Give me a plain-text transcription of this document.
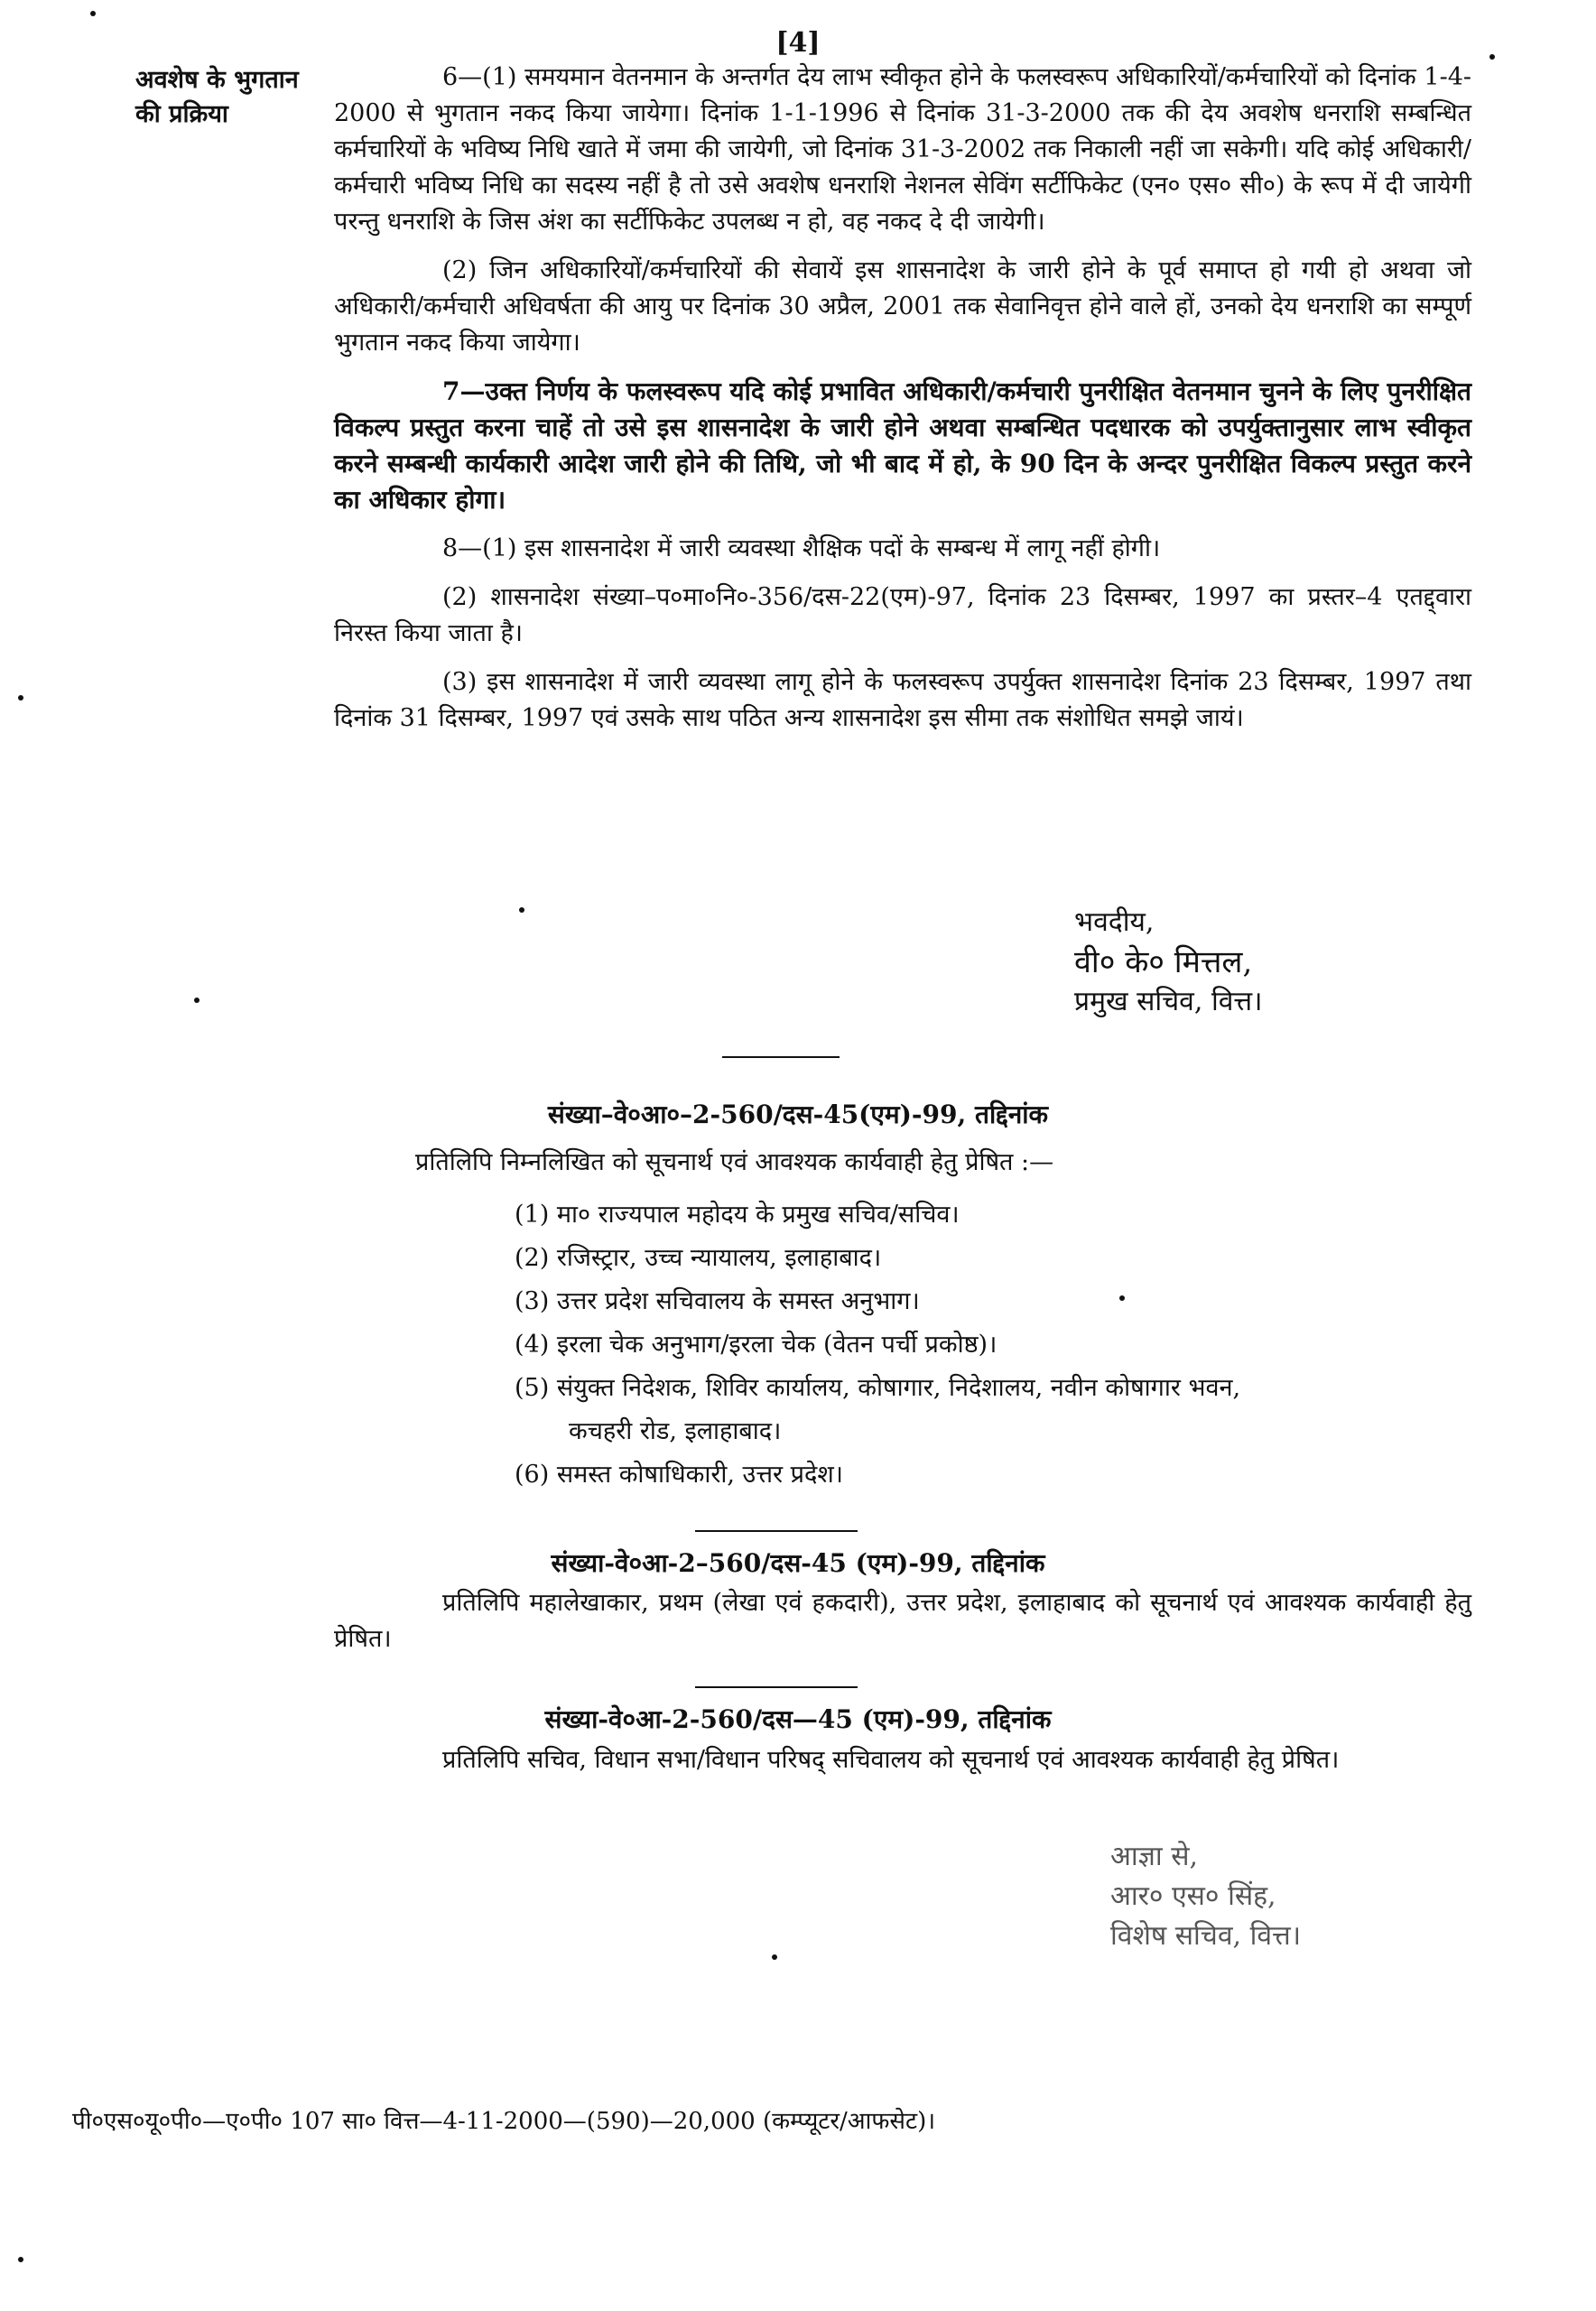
[4]
अवशेष के भुगतान की प्रक्रिया

6—(1) समयमान वेतनमान के अन्तर्गत देय लाभ स्वीकृत होने के फलस्वरूप अधिकारियों/कर्मचारियों को दिनांक 1-4-2000 से भुगतान नकद किया जायेगा। दिनांक 1-1-1996 से दिनांक 31-3-2000 तक की देय अवशेष धनराशि सम्बन्धित कर्मचारियों के भविष्य निधि खाते में जमा की जायेगी, जो दिनांक 31-3-2002 तक निकाली नहीं जा सकेगी। यदि कोई अधिकारी/कर्मचारी भविष्य निधि का सदस्य नहीं है तो उसे अवशेष धनराशि नेशनल सेविंग सर्टीफिकेट (एन० एस० सी०) के रूप में दी जायेगी परन्तु धनराशि के जिस अंश का सर्टीफिकेट उपलब्ध न हो, वह नकद दे दी जायेगी।

(2) जिन अधिकारियों/कर्मचारियों की सेवायें इस शासनादेश के जारी होने के पूर्व समाप्त हो गयी हो अथवा जो अधिकारी/कर्मचारी अधिवर्षता की आयु पर दिनांक 30 अप्रैल, 2001 तक सेवानिवृत्त होने वाले हों, उनको देय धनराशि का सम्पूर्ण भुगतान नकद किया जायेगा।

7—उक्त निर्णय के फलस्वरूप यदि कोई प्रभावित अधिकारी/कर्मचारी पुनरीक्षित वेतनमान चुनने के लिए पुनरीक्षित विकल्प प्रस्तुत करना चाहें तो उसे इस शासनादेश के जारी होने अथवा सम्बन्धित पदधारक को उपर्युक्तानुसार लाभ स्वीकृत करने सम्बन्धी कार्यकारी आदेश जारी होने की तिथि, जो भी बाद में हो, के 90 दिन के अन्दर पुनरीक्षित विकल्प प्रस्तुत करने का अधिकार होगा।

8—(1) इस शासनादेश में जारी व्यवस्था शैक्षिक पदों के सम्बन्ध में लागू नहीं होगी।

(2) शासनादेश संख्या–प०मा०नि०-356/दस-22(एम)-97, दिनांक 23 दिसम्बर, 1997 का प्रस्तर–4 एतद्द्वारा निरस्त किया जाता है।

(3) इस शासनादेश में जारी व्यवस्था लागू होने के फलस्वरूप उपर्युक्त शासनादेश दिनांक 23 दिसम्बर, 1997 तथा दिनांक 31 दिसम्बर, 1997 एवं उसके साथ पठित अन्य शासनादेश इस सीमा तक संशोधित समझे जायं।

भवदीय,
वी० के० मित्तल,
प्रमुख सचिव, वित्त।
संख्या–वे०आ०–2-560/दस-45(एम)-99, तद्दिनांक
प्रतिलिपि निम्नलिखित को सूचनार्थ एवं आवश्यक कार्यवाही हेतु प्रेषित :—
(1) मा० राज्यपाल महोदय के प्रमुख सचिव/सचिव।
(2) रजिस्ट्रार, उच्च न्यायालय, इलाहाबाद।
(3) उत्तर प्रदेश सचिवालय के समस्त अनुभाग।
(4) इरला चेक अनुभाग/इरला चेक (वेतन पर्ची प्रकोष्ठ)।
(5) संयुक्त निदेशक, शिविर कार्यालय, कोषागार, निदेशालय, नवीन कोषागार भवन,
कचहरी रोड, इलाहाबाद।
(6) समस्त कोषाधिकारी, उत्तर प्रदेश।
संख्या-वे०आ-2–560/दस-45 (एम)-99, तद्दिनांक
प्रतिलिपि महालेखाकार, प्रथम (लेखा एवं हकदारी), उत्तर प्रदेश, इलाहाबाद को सूचनार्थ एवं आवश्यक कार्यवाही हेतु प्रेषित।
संख्या-वे०आ-2-560/दस—45 (एम)-99, तद्दिनांक
प्रतिलिपि सचिव, विधान सभा/विधान परिषद् सचिवालय को सूचनार्थ एवं आवश्यक कार्यवाही हेतु प्रेषित।
आज्ञा से,
आर० एस० सिंह,
विशेष सचिव, वित्त।
पी०एस०यू०पी०—ए०पी० 107 सा० वित्त—4-11-2000—(590)—20,000 (कम्प्यूटर/आफसेट)।
